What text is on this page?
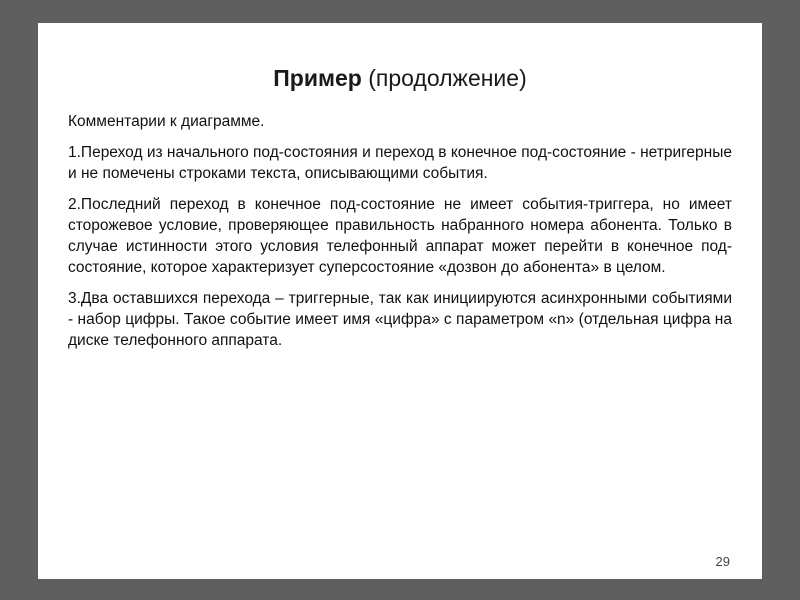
Пример (продолжение)

Комментарии к диаграмме.

1.Переход из начального под-состояния и переход в конечное под-состояние - нетригерные и не помечены строками текста, описывающими события.

2.Последний переход в конечное под-состояние не имеет события-триггера, но имеет сторожевое условие, проверяющее правильность набранного номера абонента. Только в случае истинности этого условия телефонный аппарат может перейти в конечное под-состояние, которое характеризует суперсостояние «дозвон до абонента» в целом.

3.Два оставшихся перехода – триггерные, так как инициируются асинхронными событиями - набор цифры. Такое событие имеет имя «цифра» с параметром «n» (отдельная цифра на диске телефонного аппарата.

29
